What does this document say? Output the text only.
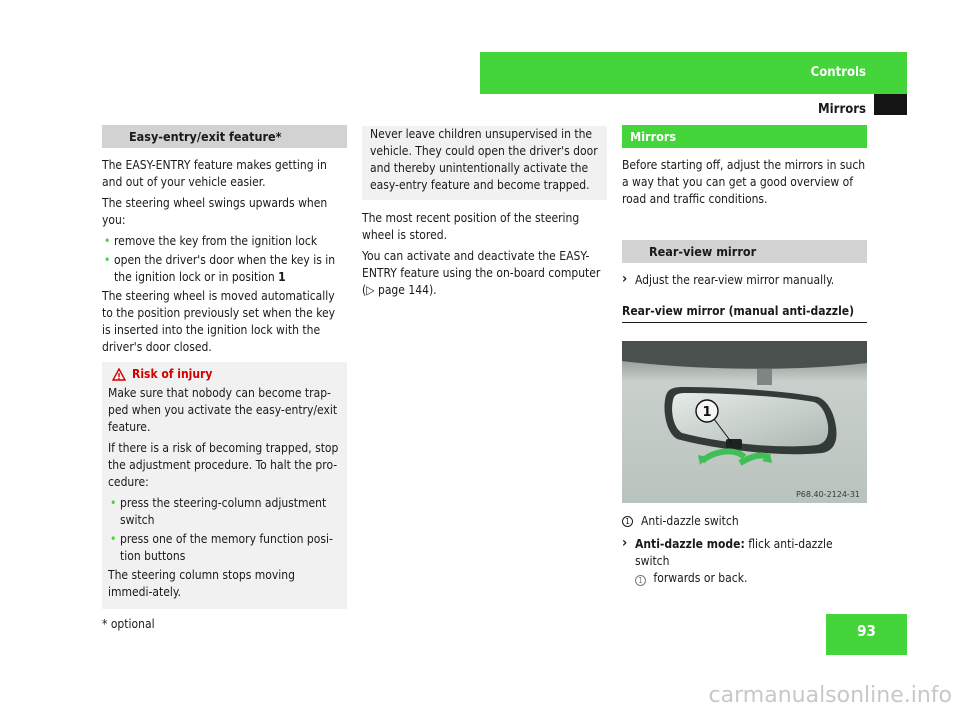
Controls
Mirrors
Easy-entry/exit feature*

The EASY-ENTRY feature makes getting in and out of your vehicle easier.

The steering wheel swings upwards when you:

• remove the key from the ignition lock
• open the driver's door when the key is in the ignition lock or in position 1

The steering wheel is moved automatically to the position previously set when the key is inserted into the ignition lock with the driver's door closed.

Risk of injury

Make sure that nobody can become trap-ped when you activate the easy-entry/exit feature.

If there is a risk of becoming trapped, stop the adjustment procedure. To halt the pro-cedure:

• press the steering-column adjustment switch
• press one of the memory function posi-tion buttons

The steering column stops moving immedi-ately.

Never leave children unsupervised in the vehicle. They could open the driver's door and thereby unintentionally activate the easy-entry feature and become trapped.

The most recent position of the steering wheel is stored.

You can activate and deactivate the EASY-ENTRY feature using the on-board computer (▷ page 144).

Mirrors

Before starting off, adjust the mirrors in such a way that you can get a good overview of road and traffic conditions.

Rear-view mirror
› Adjust the rear-view mirror manually.
Rear-view mirror (manual anti-dazzle)
1
P68.40-2124-31
1 Anti-dazzle switch
› Anti-dazzle mode: flick anti-dazzle switch
1 forwards or back.
* optional	93
carmanualsonline.info
